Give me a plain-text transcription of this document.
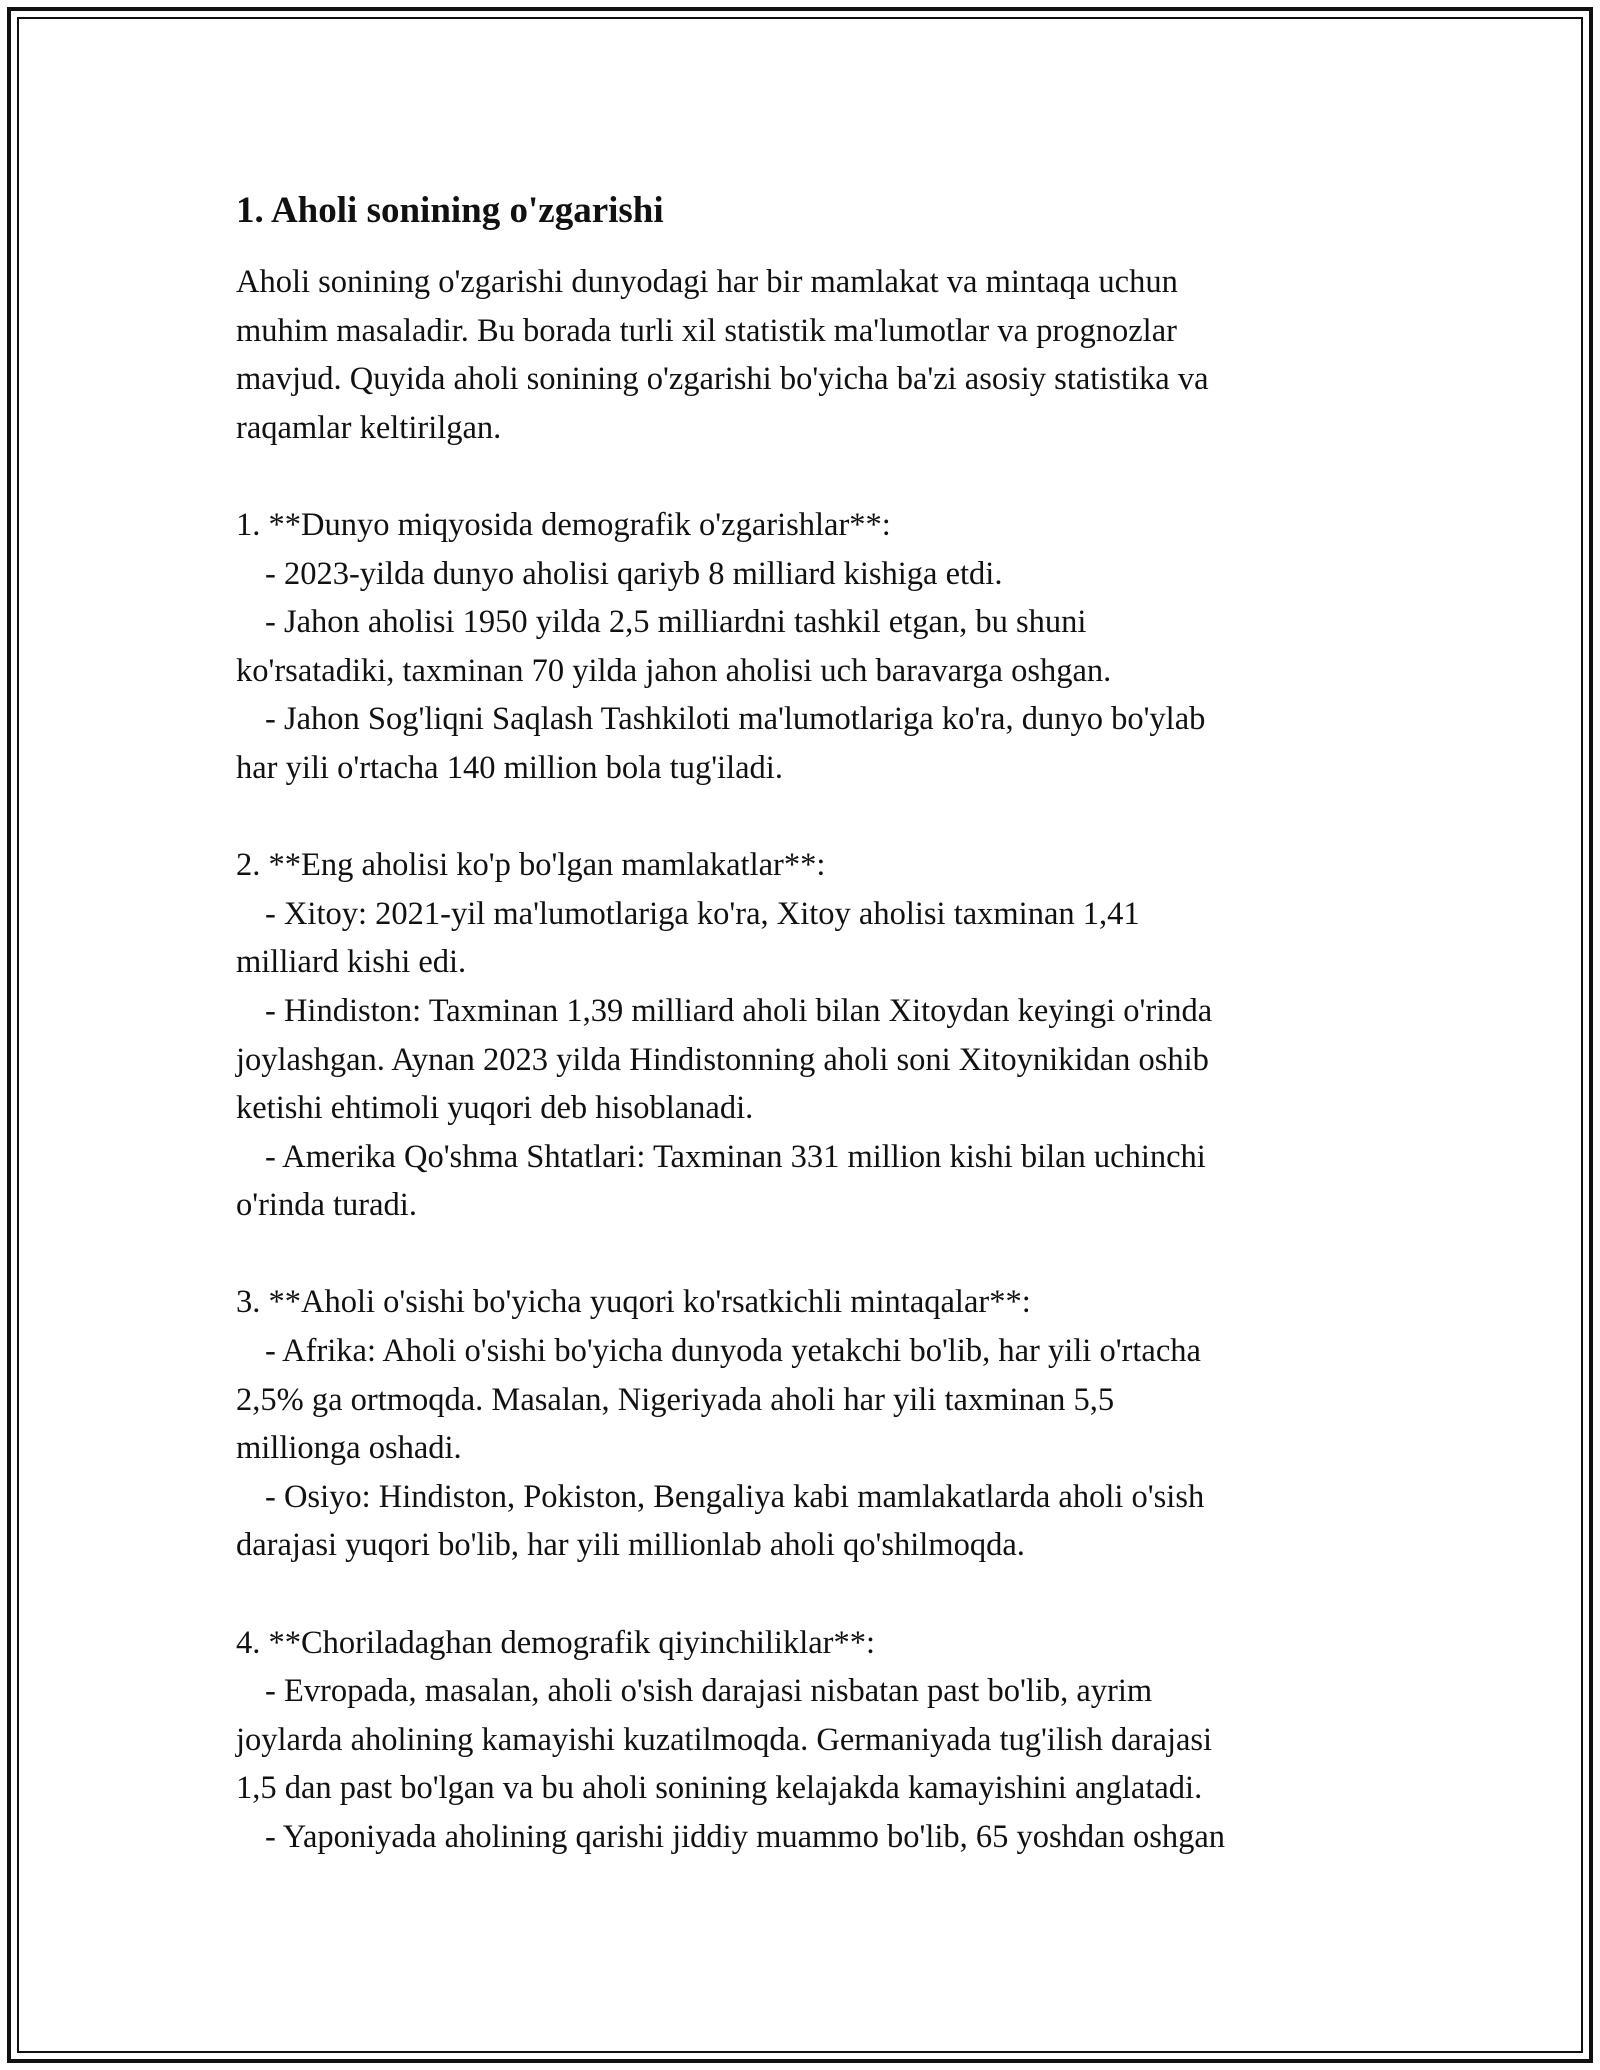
1. Aholi sonining o'zgarishi

Aholi sonining o'zgarishi dunyodagi har bir mamlakat va mintaqa uchun
muhim masaladir. Bu borada turli xil statistik ma'lumotlar va prognozlar
mavjud. Quyida aholi sonining o'zgarishi bo'yicha ba'zi asosiy statistika va
raqamlar keltirilgan.

1. **Dunyo miqyosida demografik o'zgarishlar**:
- 2023-yilda dunyo aholisi qariyb 8 milliard kishiga etdi.
- Jahon aholisi 1950 yilda 2,5 milliardni tashkil etgan, bu shuni
ko'rsatadiki, taxminan 70 yilda jahon aholisi uch baravarga oshgan.
- Jahon Sog'liqni Saqlash Tashkiloti ma'lumotlariga ko'ra, dunyo bo'ylab
har yili o'rtacha 140 million bola tug'iladi.
2. **Eng aholisi ko'p bo'lgan mamlakatlar**:
- Xitoy: 2021-yil ma'lumotlariga ko'ra, Xitoy aholisi taxminan 1,41
milliard kishi edi.
- Hindiston: Taxminan 1,39 milliard aholi bilan Xitoydan keyingi o'rinda
joylashgan. Aynan 2023 yilda Hindistonning aholi soni Xitoynikidan oshib
ketishi ehtimoli yuqori deb hisoblanadi.
- Amerika Qo'shma Shtatlari: Taxminan 331 million kishi bilan uchinchi
o'rinda turadi.
3. **Aholi o'sishi bo'yicha yuqori ko'rsatkichli mintaqalar**:
- Afrika: Aholi o'sishi bo'yicha dunyoda yetakchi bo'lib, har yili o'rtacha
2,5% ga ortmoqda. Masalan, Nigeriyada aholi har yili taxminan 5,5
millionga oshadi.
- Osiyo: Hindiston, Pokiston, Bengaliya kabi mamlakatlarda aholi o'sish
darajasi yuqori bo'lib, har yili millionlab aholi qo'shilmoqda.
4. **Choriladaghan demografik qiyinchiliklar**:
- Evropada, masalan, aholi o'sish darajasi nisbatan past bo'lib, ayrim
joylarda aholining kamayishi kuzatilmoqda. Germaniyada tug'ilish darajasi
1,5 dan past bo'lgan va bu aholi sonining kelajakda kamayishini anglatadi.
- Yaponiyada aholining qarishi jiddiy muammo bo'lib, 65 yoshdan oshgan
